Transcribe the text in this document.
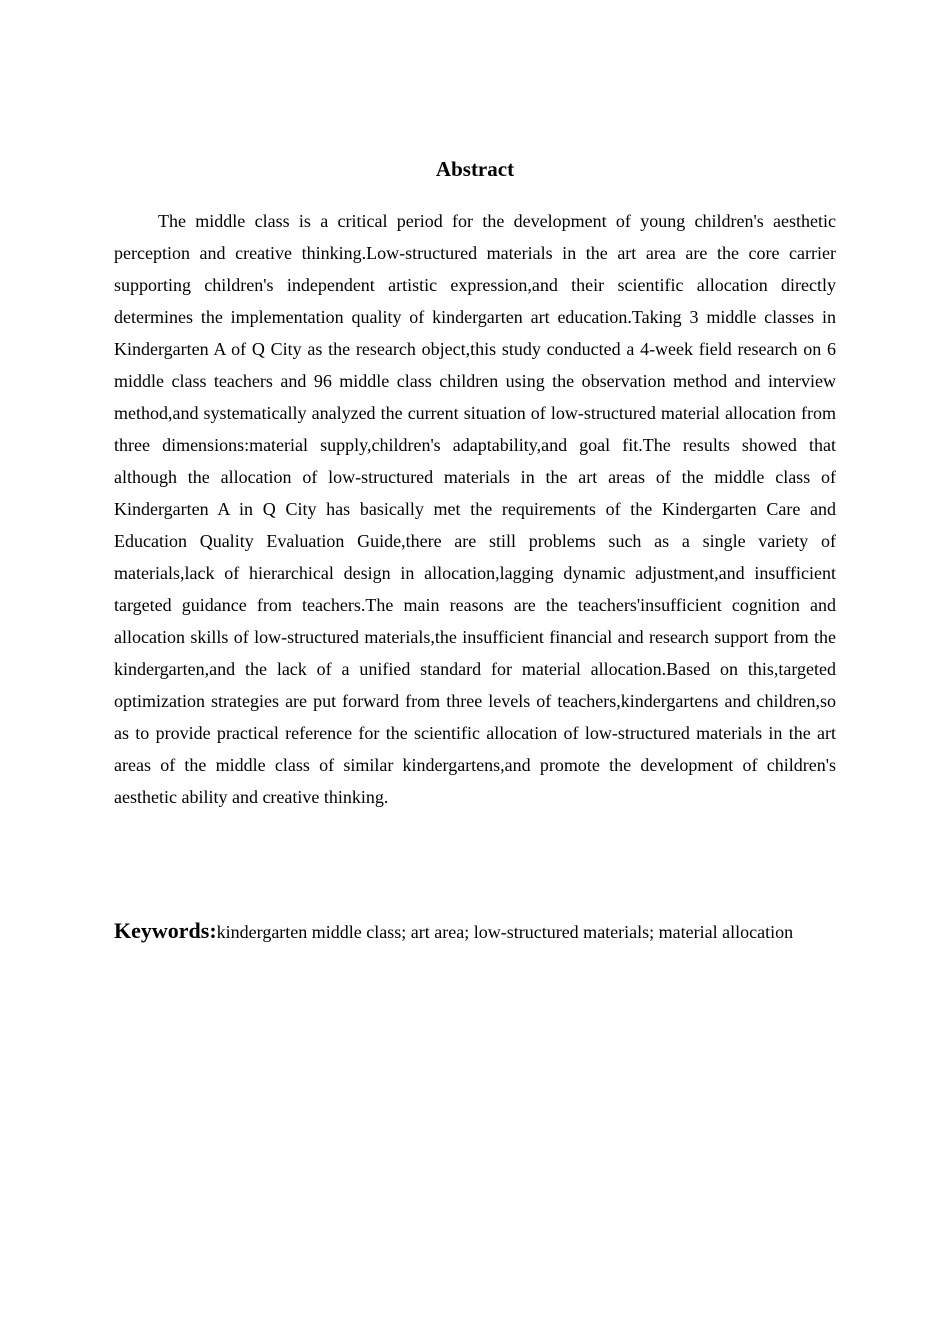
Abstract

The middle class is a critical period for the development of young children's aesthetic perception and creative thinking.Low-structured materials in the art area are the core carrier supporting children's independent artistic expression,and their scientific allocation directly determines the implementation quality of kindergarten art education.Taking 3 middle classes in Kindergarten A of Q City as the research object,this study conducted a 4-week field research on 6 middle class teachers and 96 middle class children using the observation method and interview method,and systematically analyzed the current situation of low-structured material allocation from three dimensions:material supply,children's adaptability,and goal fit.The results showed that although the allocation of low-structured materials in the art areas of the middle class of Kindergarten A in Q City has basically met the requirements of the Kindergarten Care and Education Quality Evaluation Guide,there are still problems such as a single variety of materials,lack of hierarchical design in allocation,lagging dynamic adjustment,and insufficient targeted guidance from teachers.The main reasons are the teachers'insufficient cognition and allocation skills of low-structured materials,the insufficient financial and research support from the kindergarten,and the lack of a unified standard for material allocation.Based on this,targeted optimization strategies are put forward from three levels of teachers,kindergartens and children,so as to provide practical reference for the scientific allocation of low-structured materials in the art areas of the middle class of similar kindergartens,and promote the development of children's aesthetic ability and creative thinking.

Keywords:kindergarten middle class; art area; low-structured materials; material allocation
